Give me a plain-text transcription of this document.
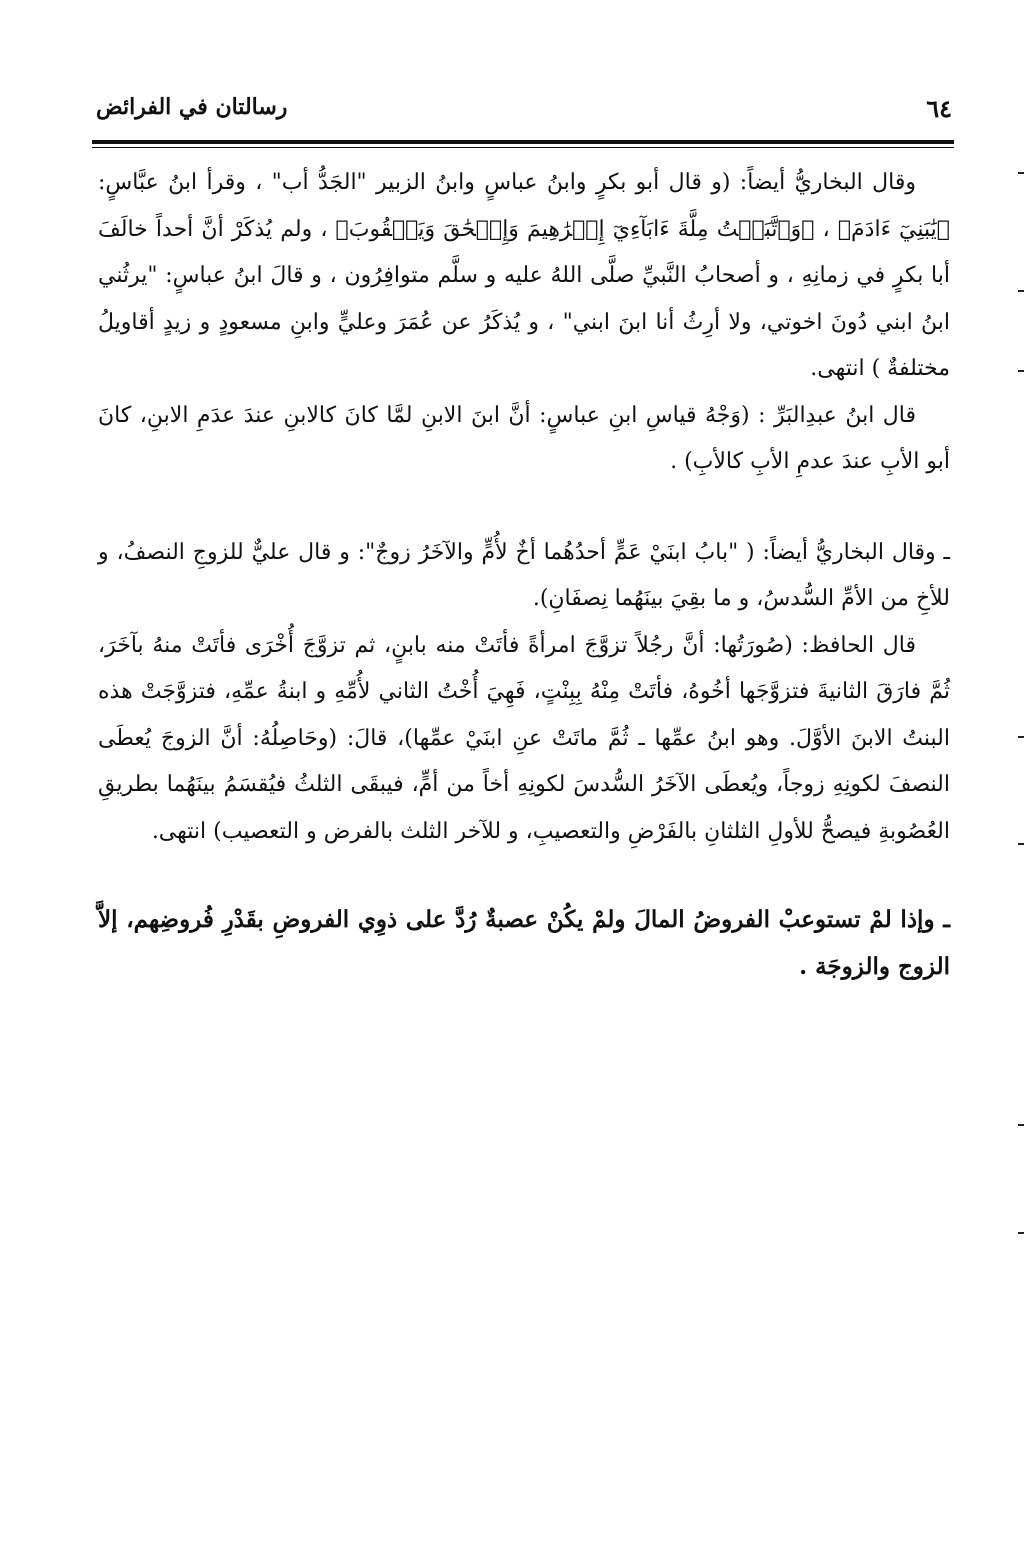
٦٤
رسالتان في الفرائض

وقال البخاريُّ أيضاً: (و قال أبو بكرٍ وابنُ عباسٍ وابنُ الزبير "الجَدُّ أب" ، وقرأ ابنُ عبَّاسٍ: ﴿يَٰبَنِيٓ ءَادَمَ﴾ ، ﴿وَٱتَّبَعۡتُ مِلَّةَ ءَابَآءِيٓ إِبۡرَٰهِيمَ وَإِسۡحَٰقَ وَيَعۡقُوبَ﴾ ، ولم يُذكَرْ أنَّ أحداً خالَفَ أبا بكرٍ في زمانِهِ ، و أصحابُ النَّبيِّ صلَّى اللهُ عليه و سلَّم متوافِرُون ، و قالَ ابنُ عباسٍ: "يرثُني ابنُ ابني دُونَ اخوتي، ولا أرِثُ أنا ابنَ ابني" ، و يُذكَرُ عن عُمَرَ وعليٍّ وابنِ مسعودٍ و زيدٍ أقاويلُ مختلفةٌ ) انتهى.

قال ابنُ عبدِالبَرِّ : (وَجْهُ قياسِ ابنِ عباسٍ: أنَّ ابنَ الابنِ لمَّا كانَ كالابنِ عندَ عدَمِ الابنِ، كانَ أبو الأبِ عندَ عدمِ الأبِ كالأبِ) .

ـ وقال البخاريُّ أيضاً: ( "بابُ ابنَيْ عَمٍّ أحدُهُما أخٌ لأُمٍّ والآخَرُ زوجٌ": و قال عليٌّ للزوجِ النصفُ، و للأخِ من الأمِّ السُّدسُ، و ما بقِيَ بينَهُما نِصفَانِ).

قال الحافظ: (صُورَتُها: أنَّ رجُلاً تزوَّجَ امرأةً فأتَتْ منه بابنٍ، ثم تزوَّجَ أُخْرَى فأتَتْ منهُ بآخَرَ، ثُمَّ فارَقَ الثانيةَ فتزوَّجَها أخُوهُ، فأتَتْ مِنْهُ بِبِنْتٍ، فَهِيَ أُخْتُ الثاني لأُمِّهِ و ابنةُ عمِّهِ، فتزوَّجَتْ هذه البنتُ الابنَ الأوَّلَ. وهو ابنُ عمِّها ـ ثُمَّ ماتَتْ عنِ ابنَيْ عمِّها)، قالَ: (وحَاصِلُهُ: أنَّ الزوجَ يُعطَى النصفَ لكونِهِ زوجاً، ويُعطَى الآخَرُ السُّدسَ لكونِهِ أخاً من أمٍّ، فيبقَى الثلثُ فيُقسَمُ بينَهُما بطريقِ العُصُوبةِ فيصحُّ للأولِ الثلثانِ بالفَرْضِ والتعصيبِ، و للآخر الثلث بالفرض و التعصيب) انتهى.

ـ وإذا لمْ تستوعبْ الفروضُ المالَ ولمْ يكُنْ عصبةٌ رُدَّ على ذوِي الفروضِ بقَدْرِ فُروضِهم، إلاَّ الزوج والزوجَة .
